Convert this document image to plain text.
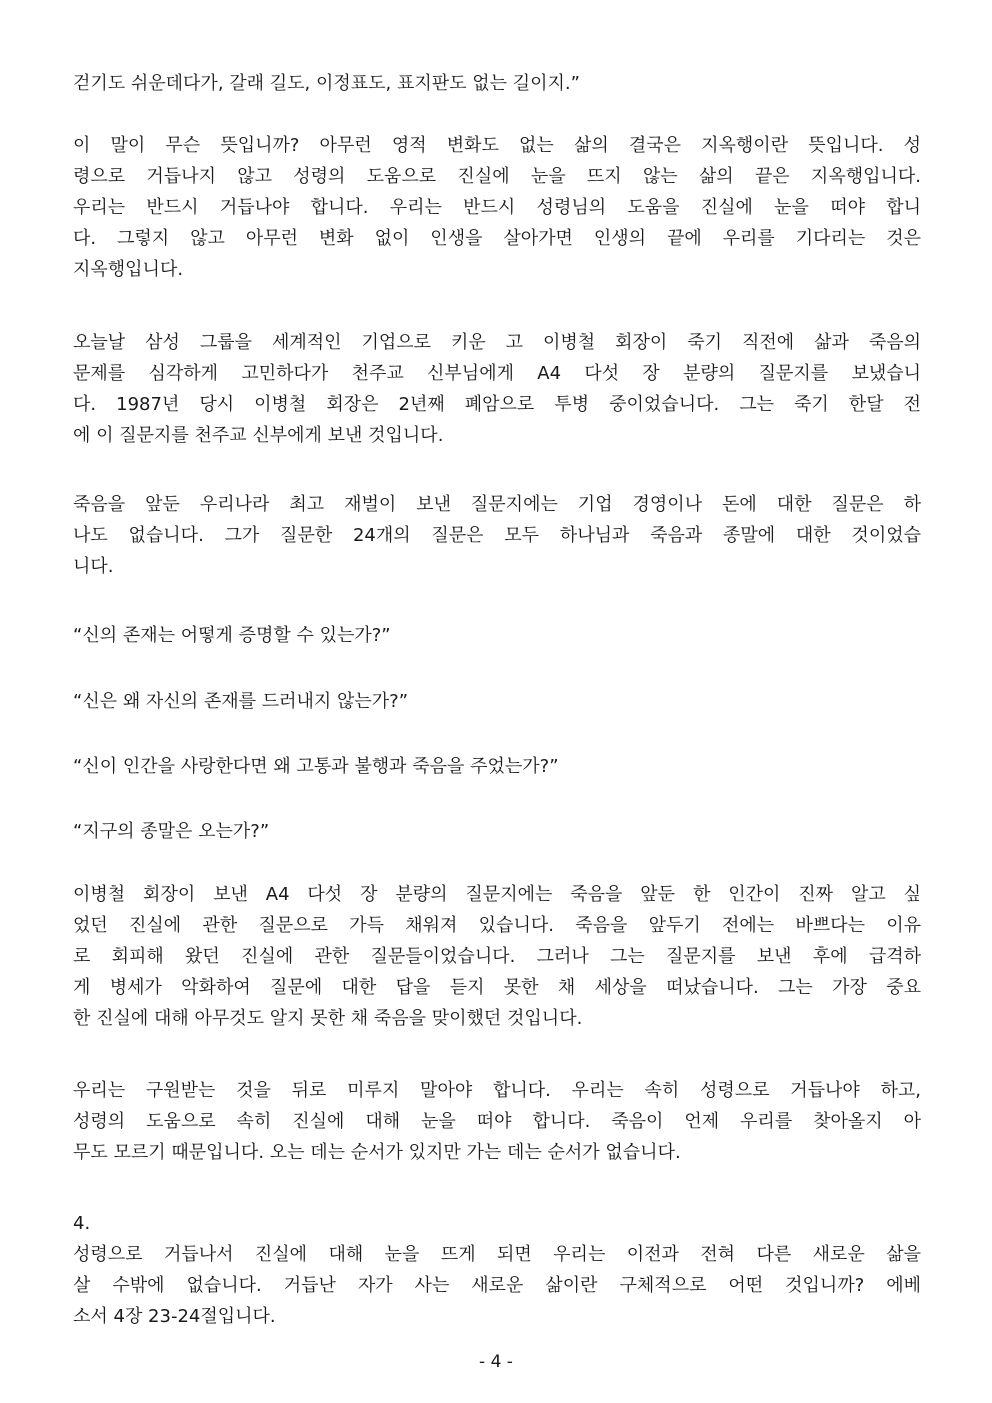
걷기도 쉬운데다가, 갈래 길도, 이정표도, 표지판도 없는 길이지.”
이 말이 무슨 뜻입니까? 아무런 영적 변화도 없는 삶의 결국은 지옥행이란 뜻입니다. 성
령으로 거듭나지 않고 성령의 도움으로 진실에 눈을 뜨지 않는 삶의 끝은 지옥행입니다.
우리는 반드시 거듭나야 합니다. 우리는 반드시 성령님의 도움을 진실에 눈을 떠야 합니
다. 그렇지 않고 아무런 변화 없이 인생을 살아가면 인생의 끝에 우리를 기다리는 것은
지옥행입니다.
오늘날 삼성 그룹을 세계적인 기업으로 키운 고 이병철 회장이 죽기 직전에 삶과 죽음의
문제를 심각하게 고민하다가 천주교 신부님에게 A4 다섯 장 분량의 질문지를 보냈습니
다. 1987년 당시 이병철 회장은 2년째 폐암으로 투병 중이었습니다. 그는 죽기 한달 전
에 이 질문지를 천주교 신부에게 보낸 것입니다.
죽음을 앞둔 우리나라 최고 재벌이 보낸 질문지에는 기업 경영이나 돈에 대한 질문은 하
나도 없습니다. 그가 질문한 24개의 질문은 모두 하나님과 죽음과 종말에 대한 것이었습
니다.
“신의 존재는 어떻게 증명할 수 있는가?”
“신은 왜 자신의 존재를 드러내지 않는가?”
“신이 인간을 사랑한다면 왜 고통과 불행과 죽음을 주었는가?”
“지구의 종말은 오는가?”
이병철 회장이 보낸 A4 다섯 장 분량의 질문지에는 죽음을 앞둔 한 인간이 진짜 알고 싶
었던 진실에 관한 질문으로 가득 채워져 있습니다. 죽음을 앞두기 전에는 바쁘다는 이유
로 회피해 왔던 진실에 관한 질문들이었습니다. 그러나 그는 질문지를 보낸 후에 급격하
게 병세가 악화하여 질문에 대한 답을 듣지 못한 채 세상을 떠났습니다. 그는 가장 중요
한 진실에 대해 아무것도 알지 못한 채 죽음을 맞이했던 것입니다.
우리는 구원받는 것을 뒤로 미루지 말아야 합니다. 우리는 속히 성령으로 거듭나야 하고,
성령의 도움으로 속히 진실에 대해 눈을 떠야 합니다. 죽음이 언제 우리를 찾아올지 아
무도 모르기 때문입니다. 오는 데는 순서가 있지만 가는 데는 순서가 없습니다.
4.
성령으로 거듭나서 진실에 대해 눈을 뜨게 되면 우리는 이전과 전혀 다른 새로운 삶을
살 수밖에 없습니다. 거듭난 자가 사는 새로운 삶이란 구체적으로 어떤 것입니까? 에베
소서 4장 23-24절입니다.
- 4 -
